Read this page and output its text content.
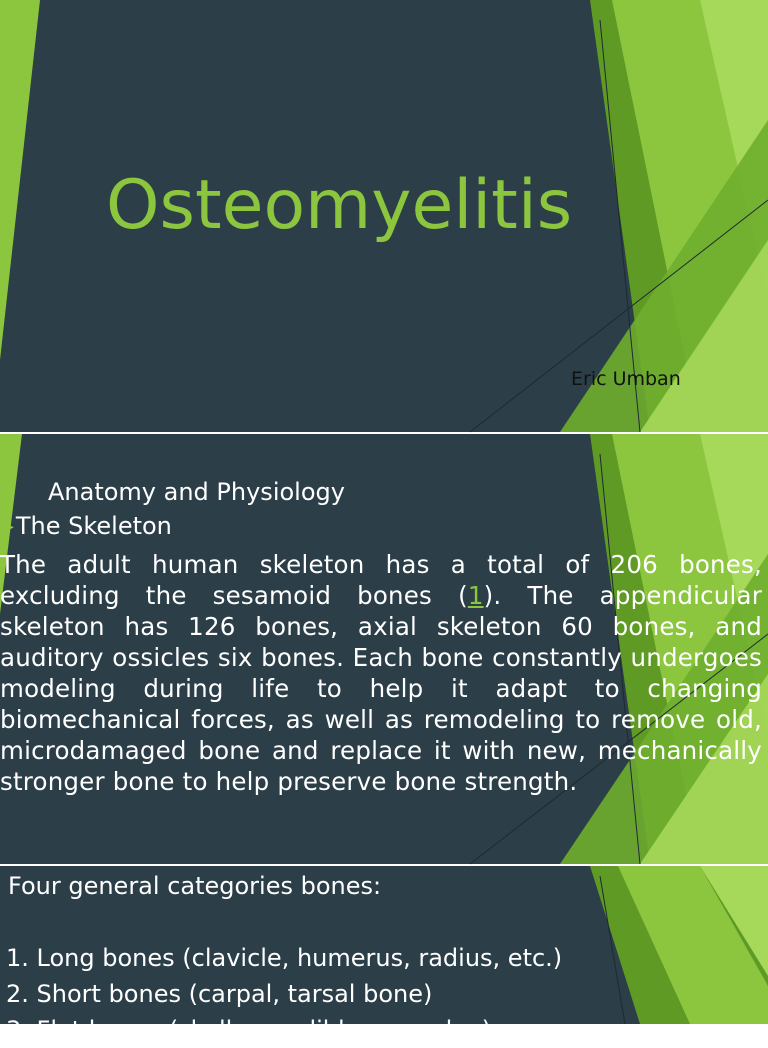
Osteomyelitis
Eric Umban
Anatomy and Physiology
▶The Skeleton
The adult human skeleton has a total of 206 bones, excluding the sesamoid bones (1). The appendicular skeleton has 126 bones, axial skeleton 60 bones, and auditory ossicles six bones. Each bone constantly undergoes modeling during life to help it adapt to changing biomechanical forces, as well as remodeling to remove old, microdamaged bone and replace it with new, mechanically stronger bone to help preserve bone strength.
Four general categories bones:
1. Long bones (clavicle, humerus, radius, etc.)
2. Short bones (carpal, tarsal bone)
3. Flat bones (skull, mandible, scapulae)
